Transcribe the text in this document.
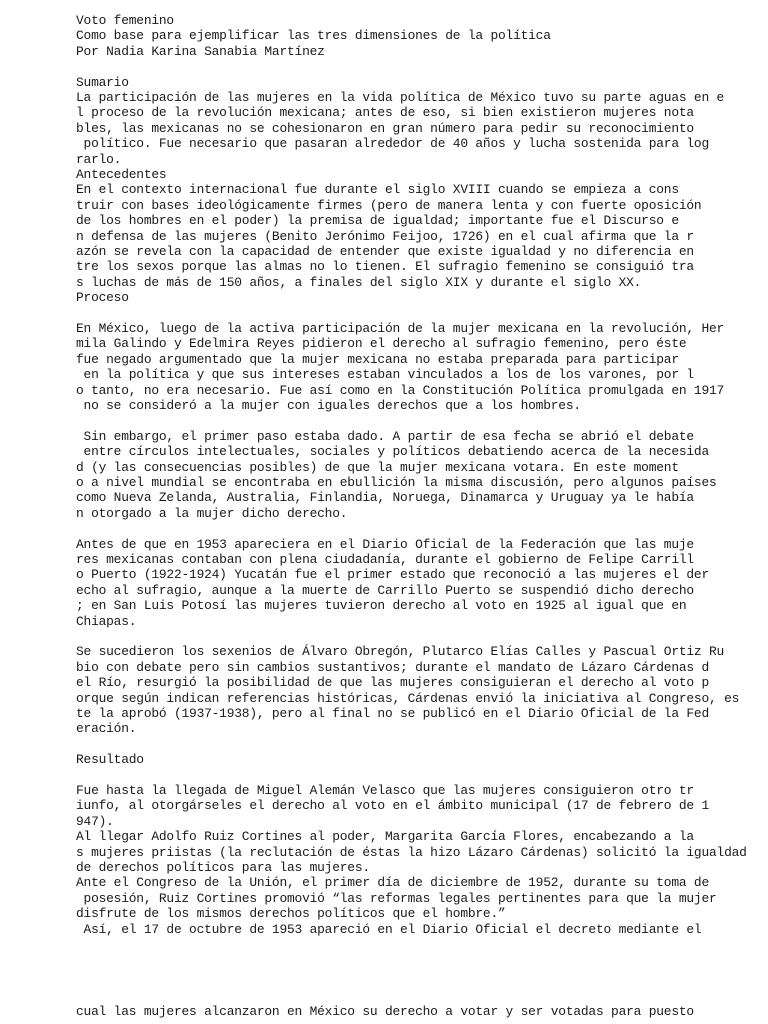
Voto femenino
Como base para ejemplificar las tres dimensiones de la política
Por Nadia Karina Sanabia Martínez
Sumario
La participación de las mujeres en la vida política de México tuvo su parte aguas en e
l proceso de la revolución mexicana; antes de eso, si bien existieron mujeres nota
bles, las mexicanas no se cohesionaron en gran número para pedir su reconocimiento
político. Fue necesario que pasaran alrededor de 40 años y lucha sostenida para log
rarlo.
Antecedentes
En el contexto internacional fue durante el siglo XVIII cuando se empieza a cons
truir con bases ideológicamente firmes (pero de manera lenta y con fuerte oposición
de los hombres en el poder) la premisa de igualdad; importante fue el Discurso e
n defensa de las mujeres (Benito Jerónimo Feijoo, 1726) en el cual afirma que la r
azón se revela con la capacidad de entender que existe igualdad y no diferencia en
tre los sexos porque las almas no lo tienen. El sufragio femenino se consiguió tra
s luchas de más de 150 años, a finales del siglo XIX y durante el siglo XX.
Proceso
En México, luego de la activa participación de la mujer mexicana en la revolución, Her
mila Galindo y Edelmira Reyes pidieron el derecho al sufragio femenino, pero éste
fue negado argumentado que la mujer mexicana no estaba preparada para participar
en la política y que sus intereses estaban vinculados a los de los varones, por l
o tanto, no era necesario. Fue así como en la Constitución Política promulgada en 1917
no se consideró a la mujer con iguales derechos que a los hombres.
Sin embargo, el primer paso estaba dado. A partir de esa fecha se abrió el debate
entre círculos intelectuales, sociales y políticos debatiendo acerca de la necesida
d (y las consecuencias posibles) de que la mujer mexicana votara. En este moment
o a nivel mundial se encontraba en ebullición la misma discusión, pero algunos países
como Nueva Zelanda, Australia, Finlandia, Noruega, Dinamarca y Uruguay ya le había
n otorgado a la mujer dicho derecho.
Antes de que en 1953 apareciera en el Diario Oficial de la Federación que las muje
res mexicanas contaban con plena ciudadanía, durante el gobierno de Felipe Carrill
o Puerto (1922-1924) Yucatán fue el primer estado que reconoció a las mujeres el der
echo al sufragio, aunque a la muerte de Carrillo Puerto se suspendió dicho derecho
; en San Luis Potosí las mujeres tuvieron derecho al voto en 1925 al igual que en
Chiapas.
Se sucedieron los sexenios de Álvaro Obregón, Plutarco Elías Calles y Pascual Ortiz Ru
bio con debate pero sin cambios sustantivos; durante el mandato de Lázaro Cárdenas d
el Río, resurgió la posibilidad de que las mujeres consiguieran el derecho al voto p
orque según indican referencias históricas, Cárdenas envió la iniciativa al Congreso, es
te la aprobó (1937-1938), pero al final no se publicó en el Diario Oficial de la Fed
eración.
Resultado
Fue hasta la llegada de Miguel Alemán Velasco que las mujeres consiguieron otro tr
iunfo, al otorgárseles el derecho al voto en el ámbito municipal (17 de febrero de 1
947).
Al llegar Adolfo Ruiz Cortines al poder, Margarita García Flores, encabezando a la
s mujeres priistas (la reclutación de éstas la hizo Lázaro Cárdenas) solicitó la igualdad
de derechos políticos para las mujeres.
Ante el Congreso de la Unión, el primer día de diciembre de 1952, durante su toma de
posesión, Ruiz Cortines promovió “las reformas legales pertinentes para que la mujer
disfrute de los mismos derechos políticos que el hombre.”
Así, el 17 de octubre de 1953 apareció en el Diario Oficial el decreto mediante el
cual las mujeres alcanzaron en México su derecho a votar y ser votadas para puesto
